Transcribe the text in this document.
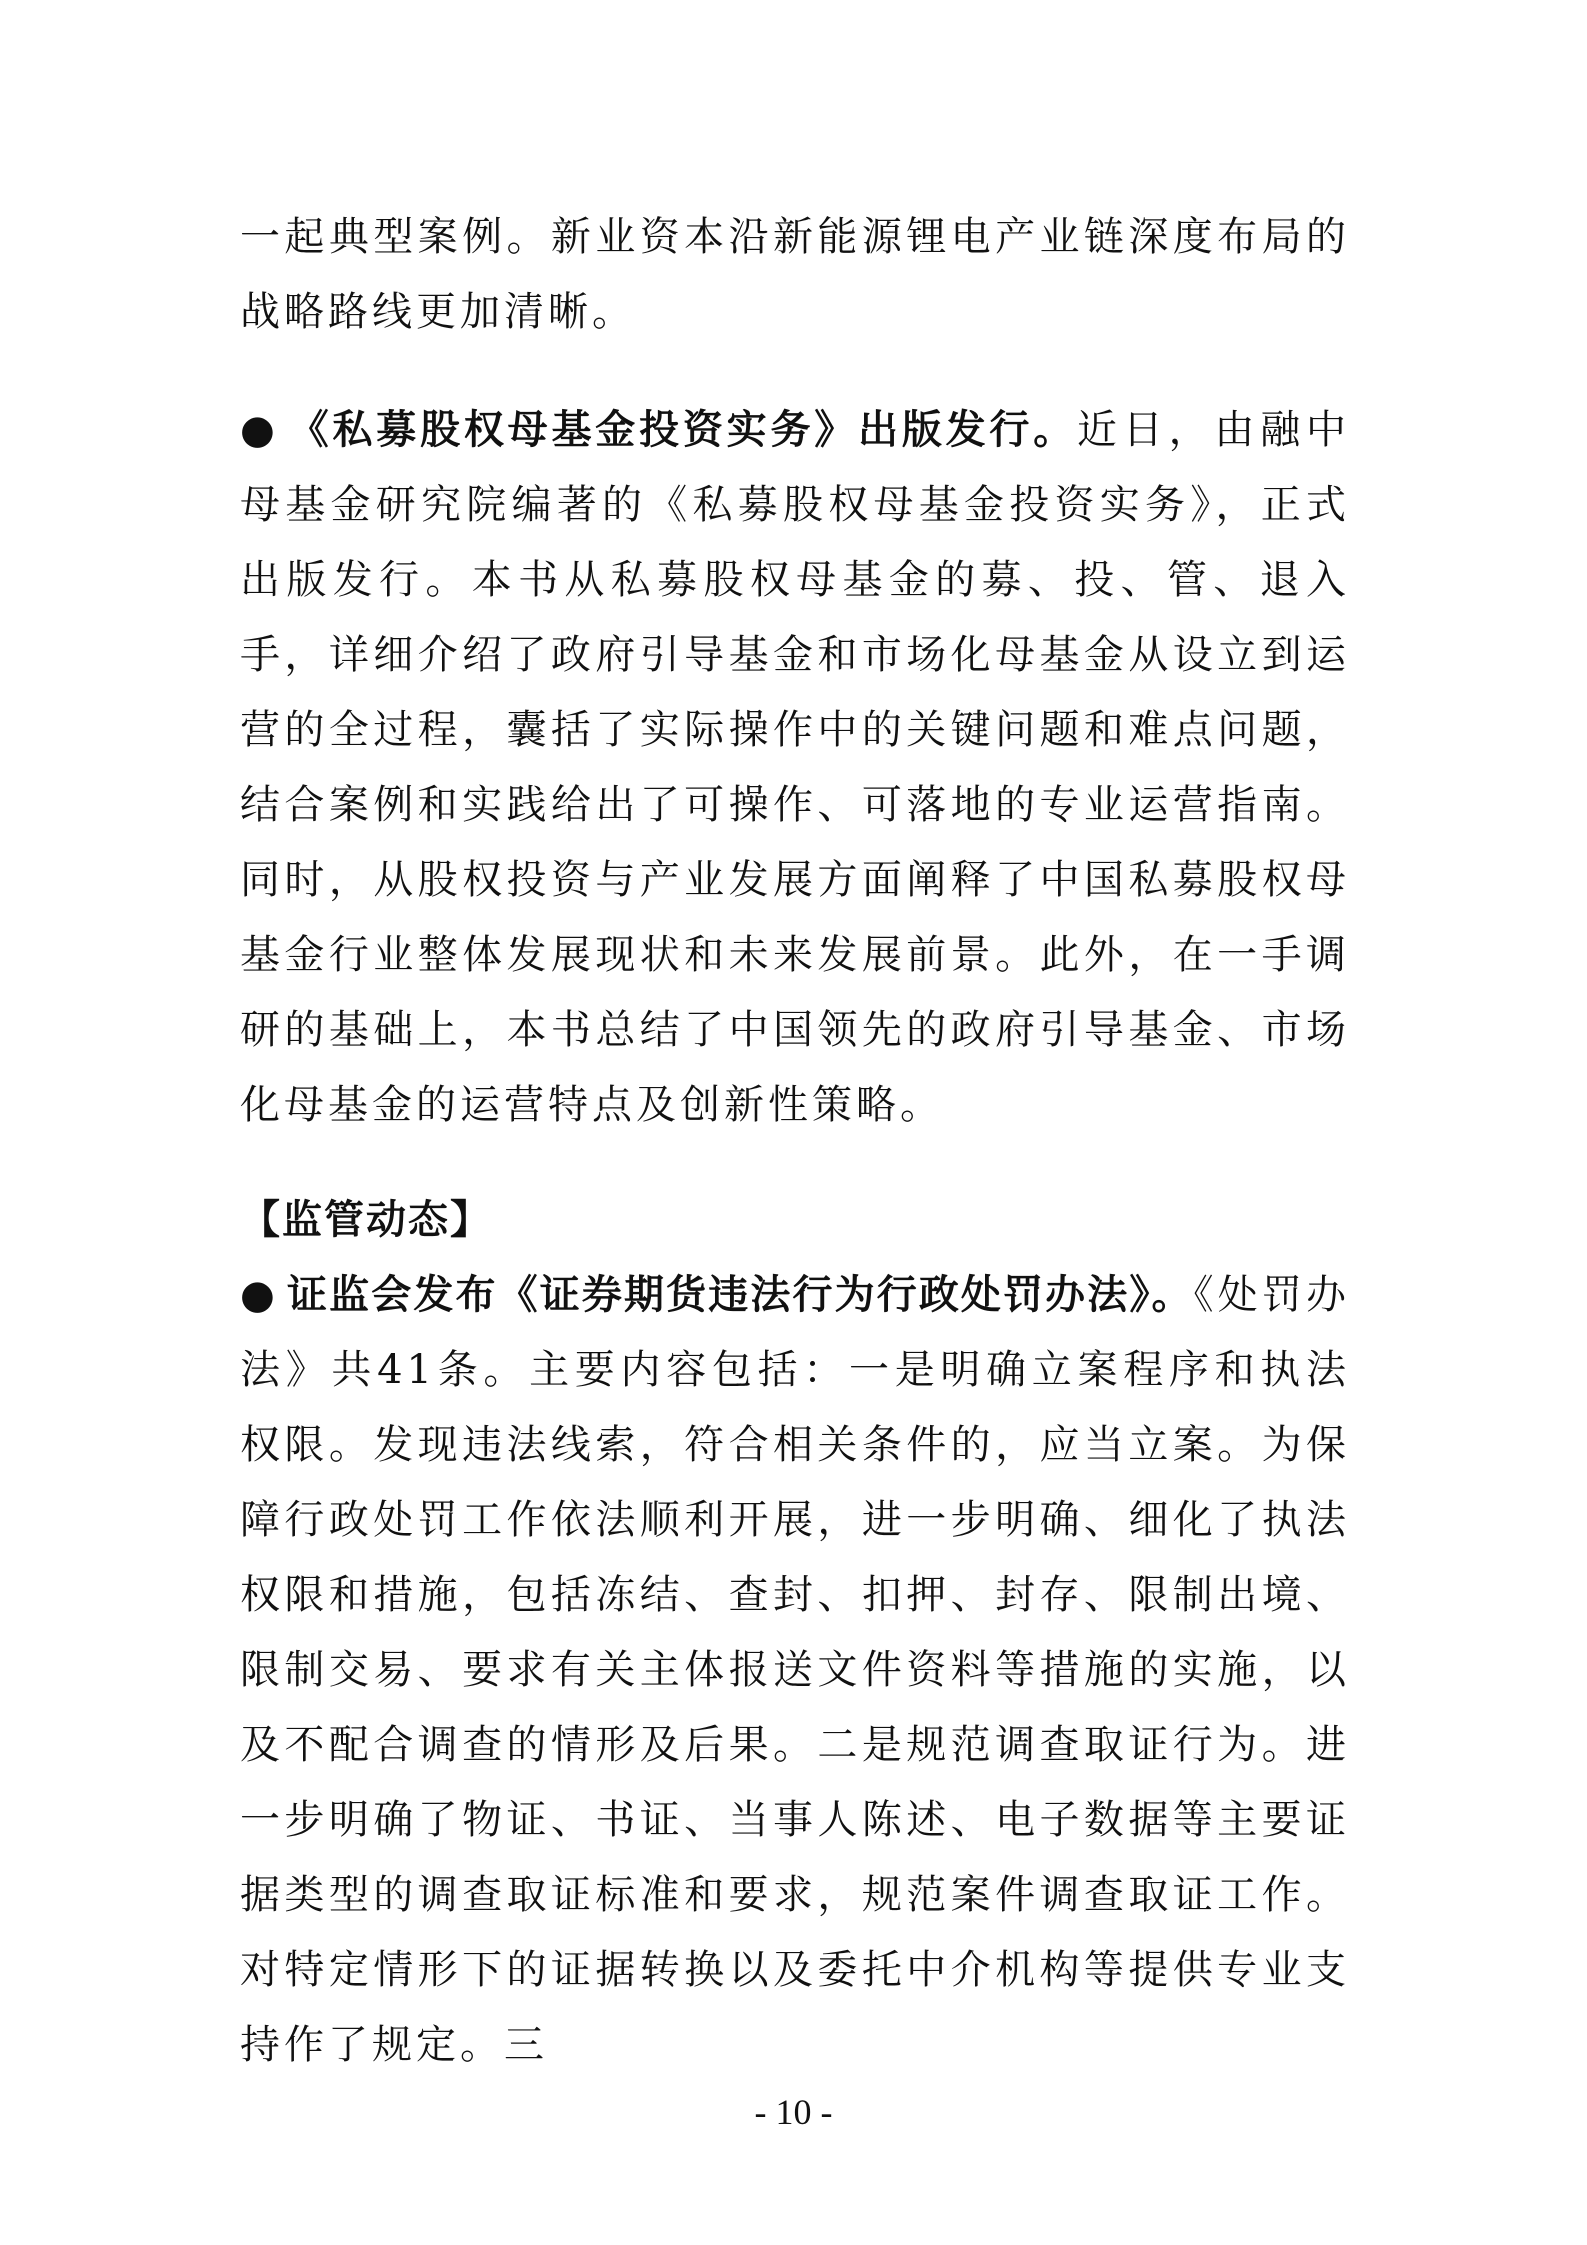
一起典型案例。新业资本沿新能源锂电产业链深度布局的战略路线更加清晰。

● 《私募股权母基金投资实务》出版发行。近日，由融中母基金研究院编著的《私募股权母基金投资实务》，正式出版发行。本书从私募股权母基金的募、投、管、退入手，详细介绍了政府引导基金和市场化母基金从设立到运营的全过程，囊括了实际操作中的关键问题和难点问题，结合案例和实践给出了可操作、可落地的专业运营指南。同时，从股权投资与产业发展方面阐释了中国私募股权母基金行业整体发展现状和未来发展前景。此外，在一手调研的基础上，本书总结了中国领先的政府引导基金、市场化母基金的运营特点及创新性策略。

【监管动态】

● 证监会发布《证券期货违法行为行政处罚办法》。《处罚办法》共41条。主要内容包括：一是明确立案程序和执法权限。发现违法线索，符合相关条件的，应当立案。为保障行政处罚工作依法顺利开展，进一步明确、细化了执法权限和措施，包括冻结、查封、扣押、封存、限制出境、限制交易、要求有关主体报送文件资料等措施的实施，以及不配合调查的情形及后果。二是规范调查取证行为。进一步明确了物证、书证、当事人陈述、电子数据等主要证据类型的调查取证标准和要求，规范案件调查取证工作。对特定情形下的证据转换以及委托中介机构等提供专业支持作了规定。三

- 10 -
